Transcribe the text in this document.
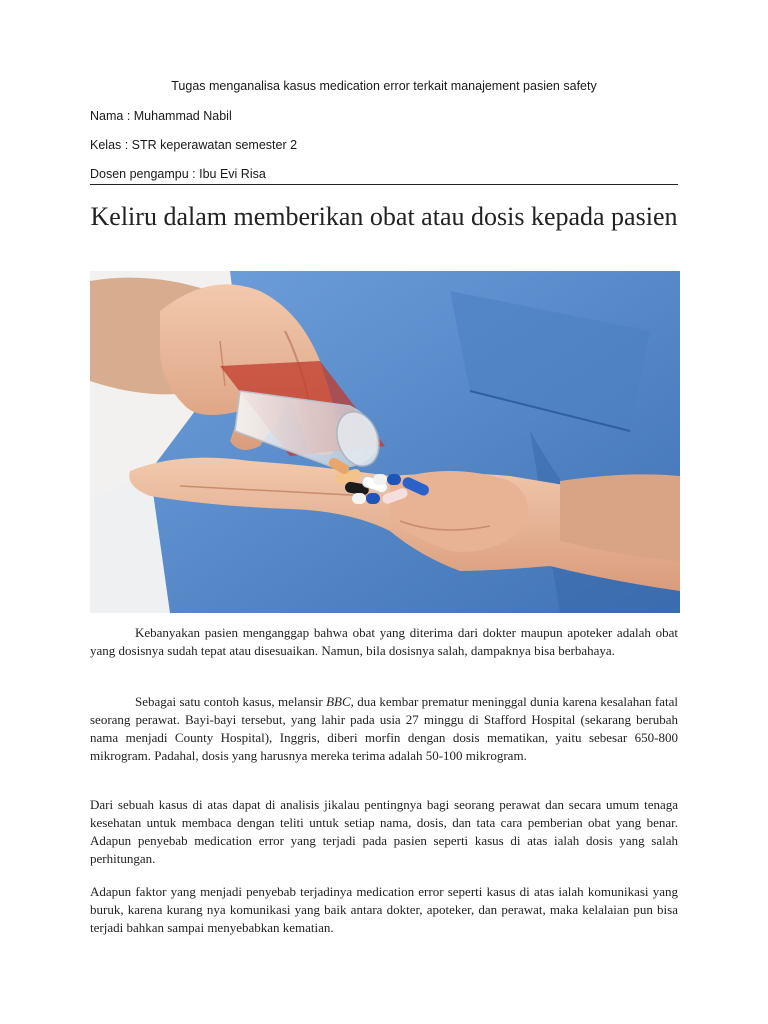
Tugas menganalisa kasus medication error terkait manajement pasien safety
Nama : Muhammad Nabil
Kelas : STR keperawatan semester 2
Dosen pengampu : Ibu Evi Risa
Keliru dalam memberikan obat atau dosis kepada pasien
Kebanyakan pasien menganggap bahwa obat yang diterima dari dokter maupun apoteker adalah obat yang dosisnya sudah tepat atau disesuaikan. Namun, bila dosisnya salah, dampaknya bisa berbahaya.
Sebagai satu contoh kasus, melansir BBC, dua kembar prematur meninggal dunia karena kesalahan fatal seorang perawat. Bayi-bayi tersebut, yang lahir pada usia 27 minggu di Stafford Hospital (sekarang berubah nama menjadi County Hospital), Inggris, diberi morfin dengan dosis mematikan, yaitu sebesar 650-800 mikrogram. Padahal, dosis yang harusnya mereka terima adalah 50-100 mikrogram.
Dari sebuah kasus di atas dapat di analisis jikalau pentingnya bagi seorang perawat dan secara umum tenaga kesehatan untuk membaca dengan teliti untuk setiap nama, dosis, dan tata cara pemberian obat yang benar. Adapun penyebab medication error yang terjadi pada pasien seperti kasus di atas ialah dosis yang salah perhitungan.
Adapun faktor yang menjadi penyebab terjadinya medication error seperti kasus di atas ialah komunikasi yang buruk, karena kurang nya komunikasi yang baik antara dokter, apoteker, dan perawat, maka kelalaian pun bisa terjadi bahkan sampai menyebabkan kematian.
